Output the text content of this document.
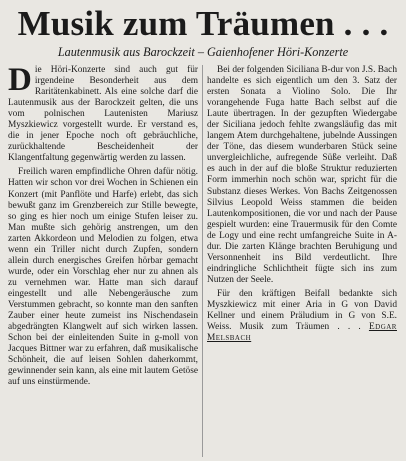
Musik zum Träumen . . .
Lautenmusik aus Barockzeit – Gaienhofener Höri-Konzerte

Die Höri-Konzerte sind auch gut für irgendeine Besonderheit aus dem Raritätenkabinett. Als eine solche darf die Lautenmusik aus der Barockzeit gelten, die uns vom polnischen Lautenisten Mariusz Myszkiewicz vorgestellt wurde. Er verstand es, die in jener Epoche noch oft gebräuchliche, zurückhaltende Bescheidenheit der Klangentfaltung gegenwärtig werden zu lassen.

Freilich waren empfindliche Ohren dafür nötig. Hatten wir schon vor drei Wochen in Schienen ein Konzert (mit Panflöte und Harfe) erlebt, das sich bewußt ganz im Grenzbereich zur Stille bewegte, so ging es hier noch um einige Stufen leiser zu. Man mußte sich gehörig anstrengen, um den zarten Akkordeon und Melodien zu folgen, etwa wenn ein Triller nicht durch Zupfen, sondern allein durch energisches Greifen hörbar gemacht wurde, oder ein Vorschlag eher nur zu ahnen als zu vernehmen war. Hatte man sich darauf eingestellt und alle Nebengeräusche zum Verstummen gebracht, so konnte man den sanften Zauber einer heute zumeist ins Nischendasein abgedrängten Klangwelt auf sich wirken lassen. Schon bei der einleitenden Suite in g-moll von Jacques Bittner war zu erfahren, daß musikalische Schönheit, die auf leisen Sohlen daherkommt, gewinnender sein kann, als eine mit lautem Getöse auf uns einstürmende.

Bei der folgenden Siciliana B-dur von J.S. Bach handelte es sich eigentlich um den 3. Satz der ersten Sonata a Violino Solo. Die Ihr vorangehende Fuga hatte Bach selbst auf die Laute übertragen. In der gezupften Wiedergabe der Siciliana jedoch fehlte zwangsläufig das mit langem Atem durchgehaltene, jubelnde Aussingen der Töne, das diesem wunderbaren Stück seine unvergleichliche, aufregende Süße verleiht. Daß es auch in der auf die bloße Struktur reduzierten Form immerhin noch schön war, spricht für die Substanz dieses Werkes. Von Bachs Zeitgenossen Silvius Leopold Weiss stammen die beiden Lautenkompositionen, die vor und nach der Pause gespielt wurden: eine Trauermusik für den Comte de Logy und eine recht umfangreiche Suite in A-dur. Die zarten Klänge brachten Beruhigung und Versonnenheit ins Bild verdeutlicht. Ihre eindringliche Schlichtheit fügte sich ins zum Nutzen der Seele.

Für den kräftigen Beifall bedankte sich Myszkiewicz mit einer Aria in G von David Kellner und einem Präludium in G von S.E. Weiss. Musik zum Träumen . . . Edgar Melsbach
